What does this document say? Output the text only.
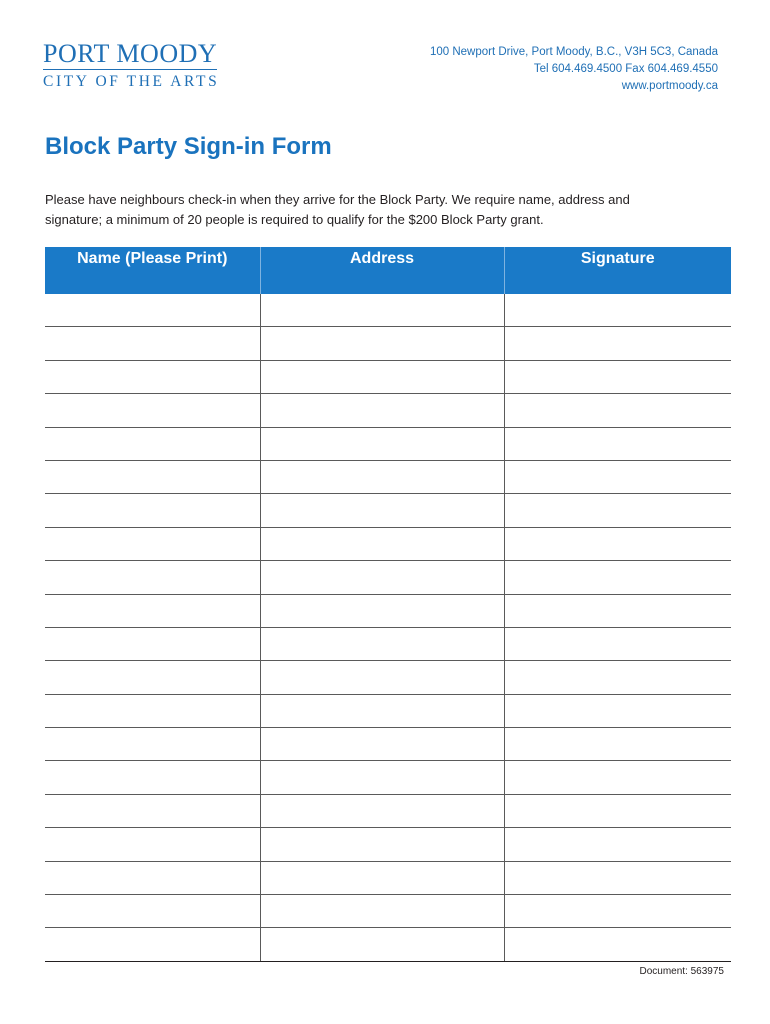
PORT MOODY
CITY OF THE ARTS
100 Newport Drive, Port Moody, B.C., V3H 5C3, Canada
Tel 604.469.4500 Fax 604.469.4550
www.portmoody.ca
Block Party Sign-in Form
Please have neighbours check-in when they arrive for the Block Party. We require name, address and
signature; a minimum of 20 people is required to qualify for the $200 Block Party grant.
Name (Please Print)	Address	Signature

Document: 563975
